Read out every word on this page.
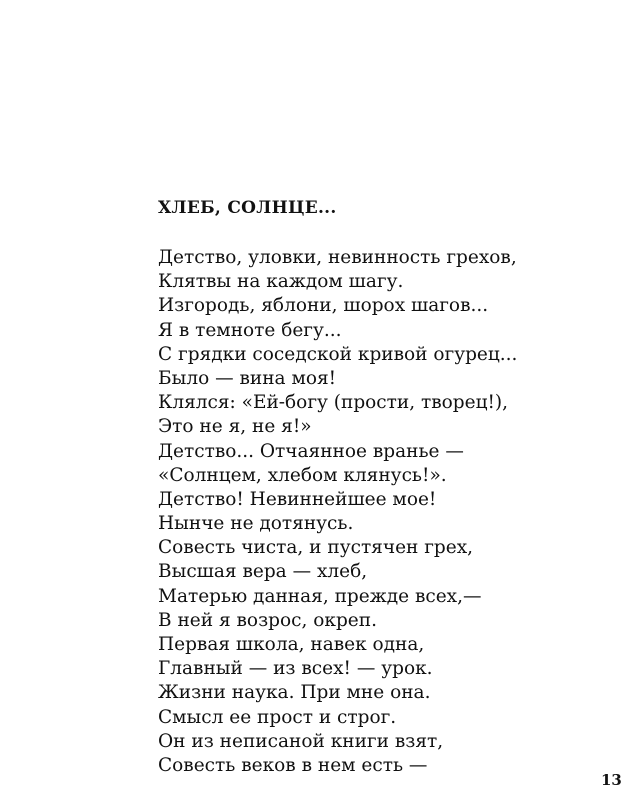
ХЛЕБ, СОЛНЦЕ...
Детство, уловки, невинность грехов,
Клятвы на каждом шагу.
Изгородь, яблони, шорох шагов...
Я в темноте бегу...
С грядки соседской кривой огурец...
Было — вина моя!
Клялся: «Ей-богу (прости, творец!),
Это не я, не я!»
Детство... Отчаянное вранье —
«Солнцем, хлебом клянусь!».
Детство! Невиннейшее мое!
Нынче не дотянусь.
Совесть чиста, и пустячен грех,
Высшая вера — хлеб,
Матерью данная, прежде всех,—
В ней я возрос, окреп.
Первая школа, навек одна,
Главный — из всех! — урок.
Жизни наука. При мне она.
Смысл ее прост и строг.
Он из неписаной книги взят,
Совесть веков в нем есть —
13
